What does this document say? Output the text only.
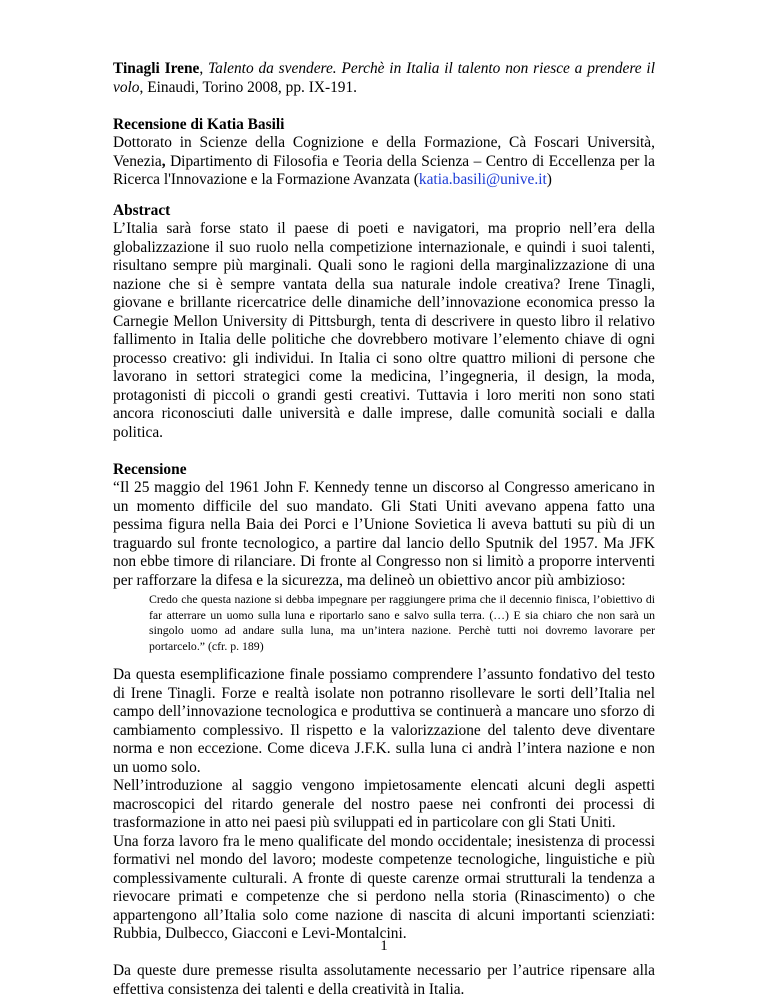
Tinagli Irene, Talento da svendere. Perchè in Italia il talento non riesce a prendere il volo, Einaudi, Torino 2008, pp. IX-191.

Recensione di Katia Basili

Dottorato in Scienze della Cognizione e della Formazione, Cà Foscari Università, Venezia, Dipartimento di Filosofia e Teoria della Scienza – Centro di Eccellenza per la Ricerca l'Innovazione e la Formazione Avanzata (katia.basili@unive.it)

Abstract

L’Italia sarà forse stato il paese di poeti e navigatori, ma proprio nell’era della globalizzazione il suo ruolo nella competizione internazionale, e quindi i suoi talenti, risultano sempre più marginali. Quali sono le ragioni della marginalizzazione di una nazione che si è sempre vantata della sua naturale indole creativa? Irene Tinagli, giovane e brillante ricercatrice delle dinamiche dell’innovazione economica presso la Carnegie Mellon University di Pittsburgh, tenta di descrivere in questo libro il relativo fallimento in Italia delle politiche che dovrebbero motivare l’elemento chiave di ogni processo creativo: gli individui. In Italia ci sono oltre quattro milioni di persone che lavorano in settori strategici come la medicina, l’ingegneria, il design, la moda, protagonisti di piccoli o grandi gesti creativi. Tuttavia i loro meriti non sono stati ancora riconosciuti dalle università e dalle imprese, dalle comunità sociali e dalla politica.

Recensione

“Il 25 maggio del 1961 John F. Kennedy tenne un discorso al Congresso americano in un momento difficile del suo mandato. Gli Stati Uniti avevano appena fatto una pessima figura nella Baia dei Porci e l’Unione Sovietica li aveva battuti su più di un traguardo sul fronte tecnologico, a partire dal lancio dello Sputnik del 1957. Ma JFK non ebbe timore di rilanciare. Di fronte al Congresso non si limitò a proporre interventi per rafforzare la difesa e la sicurezza, ma delineò un obiettivo ancor più ambizioso:

Credo che questa nazione si debba impegnare per raggiungere prima che il decennio finisca, l’obiettivo di far atterrare un uomo sulla luna e riportarlo sano e salvo sulla terra. (…) E sia chiaro che non sarà un singolo uomo ad andare sulla luna, ma un’intera nazione. Perchè tutti noi dovremo lavorare per portarcelo.” (cfr. p. 189)

Da questa esemplificazione finale possiamo comprendere l’assunto fondativo del testo di Irene Tinagli. Forze e realtà isolate non potranno risollevare le sorti dell’Italia nel campo dell’innovazione tecnologica e produttiva se continuerà a mancare uno sforzo di cambiamento complessivo. Il rispetto e la valorizzazione del talento deve diventare norma e non eccezione. Come diceva J.F.K. sulla luna ci andrà l’intera nazione e non un uomo solo.

Nell’introduzione al saggio vengono impietosamente elencati alcuni degli aspetti macroscopici del ritardo generale del nostro paese nei confronti dei processi di trasformazione in atto nei paesi più sviluppati ed in particolare con gli Stati Uniti.

Una forza lavoro fra le meno qualificate del mondo occidentale; inesistenza di processi formativi nel mondo del lavoro; modeste competenze tecnologiche, linguistiche e più complessivamente culturali. A fronte di queste carenze ormai strutturali la tendenza a rievocare primati e competenze che si perdono nella storia (Rinascimento) o che appartengono all’Italia solo come nazione di nascita di alcuni importanti scienziati: Rubbia, Dulbecco, Giacconi e Levi-Montalcini.

Da queste dure premesse risulta assolutamente necessario per l’autrice ripensare alla effettiva consistenza dei talenti e della creatività in Italia.

1
